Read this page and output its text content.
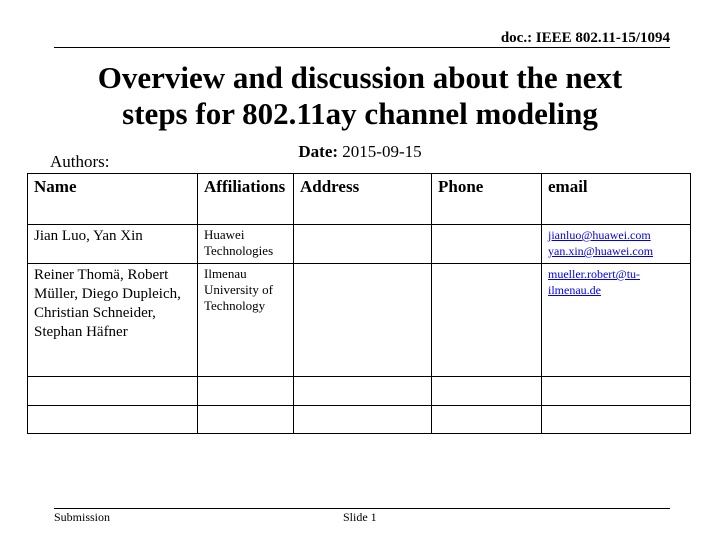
doc.: IEEE 802.11-15/1094
Overview and discussion about the next
steps for 802.11ay channel modeling
Date: 2015-09-15
Authors:
Name	Affiliations	Address	Phone	email
Jian Luo, Yan Xin	Huawei Technologies			jianluo@huawei.com
yan.xin@huawei.com

Reiner Thomä, Robert Müller, Diego Dupleich, Christian Schneider, Stephan Häfner	Ilmenau University of Technology			mueller.robert@tu-ilmenau.de

Submission	Slide 1
